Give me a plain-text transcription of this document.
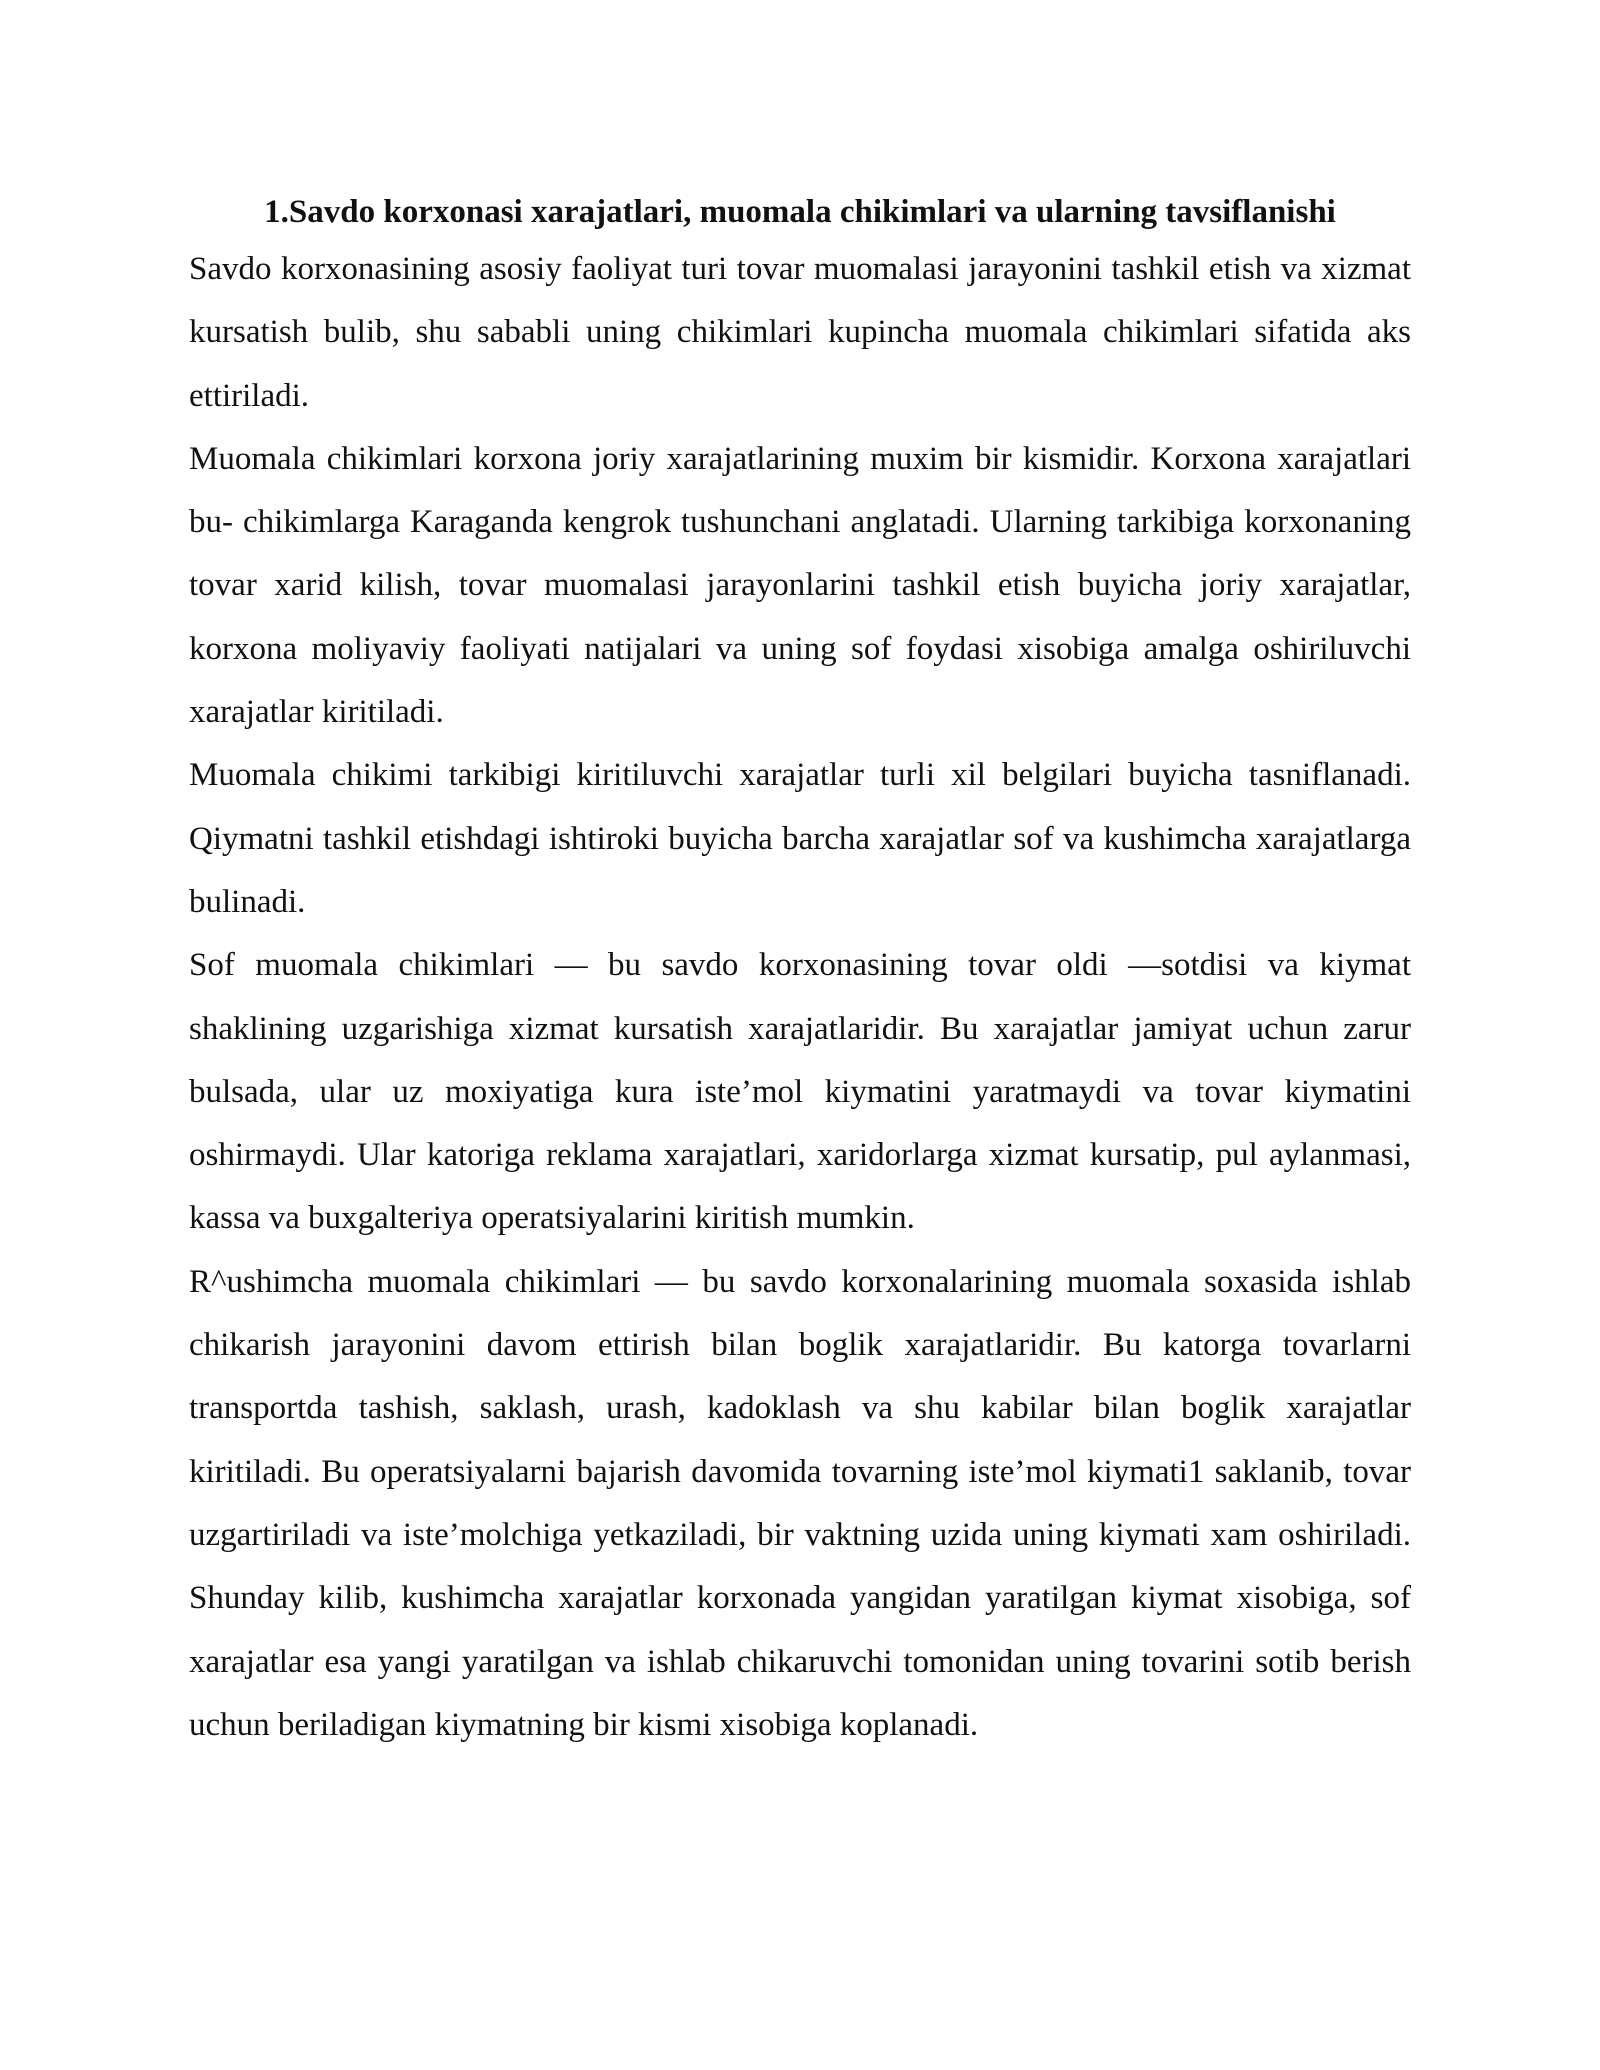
1.Savdo korxonasi xarajatlari, muomala chikimlari va ularning tavsiflanishi

Savdo korxonasining asosiy faoliyat turi tovar muomalasi jarayonini tashkil etish va xizmat kursatish bulib, shu sababli uning chikimlari kupincha muomala chikimlari sifatida aks ettiriladi.

Muomala chikimlari korxona joriy xarajatlarining muxim bir kismidir. Korxona xarajatlari bu- chikimlarga Karaganda kengrok tushunchani anglatadi. Ularning tarkibiga korxonaning tovar xarid kilish, tovar muomalasi jarayonlarini tashkil etish buyicha joriy xarajatlar, korxona moliyaviy faoliyati natijalari va uning sof foydasi xisobiga amalga oshiriluvchi xarajatlar kiritiladi.

Muomala chikimi tarkibigi kiritiluvchi xarajatlar turli xil belgilari buyicha tasniflanadi. Qiymatni tashkil etishdagi ishtiroki buyicha barcha xarajatlar sof va kushimcha xarajatlarga bulinadi.

Sof muomala chikimlari — bu savdo korxonasining tovar oldi —sotdisi va kiymat shaklining uzgarishiga xizmat kursatish xarajatlaridir. Bu xarajatlar jamiyat uchun zarur bulsada, ular uz moxiyatiga kura iste’mol kiymatini yaratmaydi va tovar kiymatini oshirmaydi. Ular katoriga reklama xarajatlari, xaridorlarga xizmat kursatip, pul aylanmasi, kassa va buxgalteriya operatsiyalarini kiritish mumkin.

R^ushimcha muomala chikimlari — bu savdo korxonalarining muomala soxasida ishlab chikarish jarayonini davom ettirish bilan boglik xarajatlaridir. Bu katorga tovarlarni transportda tashish, saklash, urash, kadoklash va shu kabilar bilan boglik xarajatlar kiritiladi. Bu operatsiyalarni bajarish davomida tovarning iste’mol kiymati1 saklanib, tovar uzgartiriladi va iste’molchiga yetkaziladi, bir vaktning uzida uning kiymati xam oshiriladi. Shunday kilib, kushimcha xarajatlar korxonada yangidan yaratilgan kiymat xisobiga, sof xarajatlar esa yangi yaratilgan va ishlab chikaruvchi tomonidan uning tovarini sotib berish uchun beriladigan kiymatning bir kismi xisobiga koplanadi.
